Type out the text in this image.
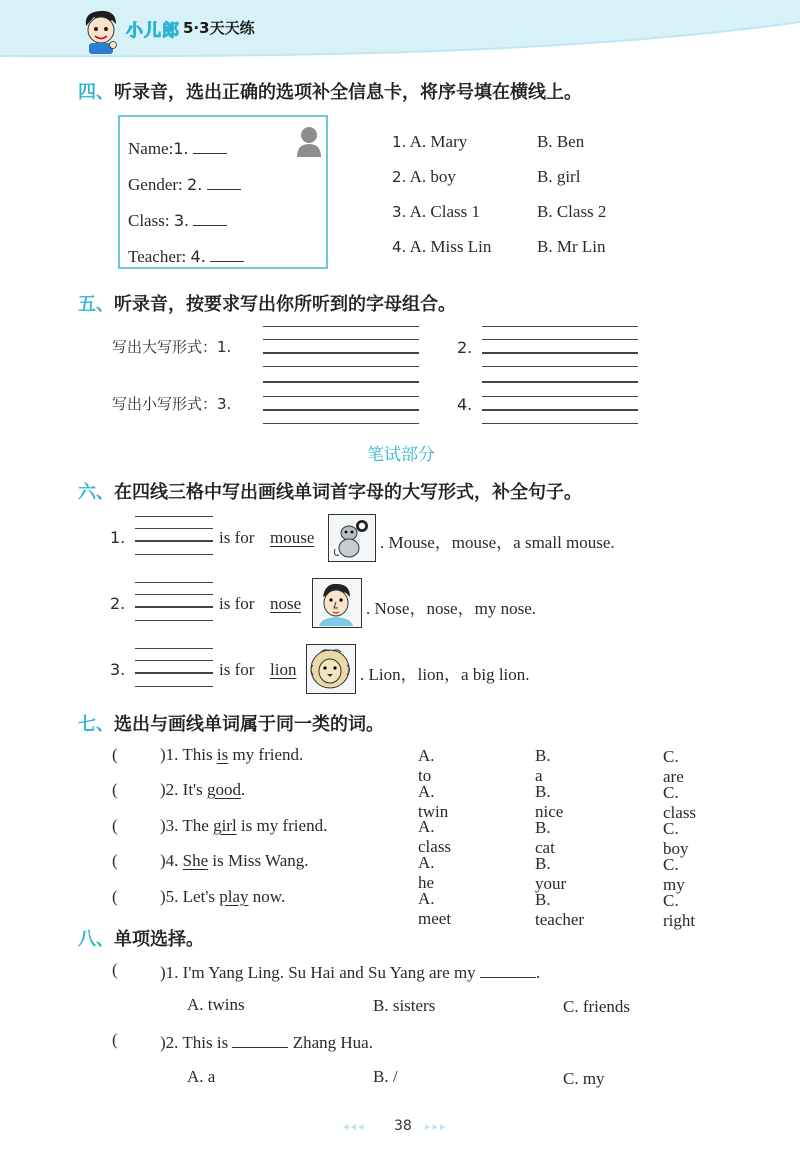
小儿郎 5·3天天练
四、听录音，选出正确的选项补全信息卡，将序号填在横线上。
Name:1.
Gender: 2.
Class: 3.
Teacher: 4.
1. A. Mary	B. Ben
2. A. boy	B. girl
3. A. Class 1	B. Class 2
4. A. Miss Lin	B. Mr Lin
五、听录音，按要求写出你所听到的字母组合。
写出大写形式：1.	2.
写出小写形式：3.	4.
笔试部分
六、在四线三格中写出画线单词首字母的大写形式，补全句子。
1.	is for mouse	. Mouse，mouse，a small mouse.
2.	is for nose	. Nose，nose，my nose.
3.	is for lion	. Lion，lion，a big lion.
七、选出与画线单词属于同一类的词。
( )1. This is my friend.	A. to
B. a
C. are
( )2. It's good.	A. twin
B. nice
C. class
( )3. The girl is my friend.	A. class
B. cat
C. boy
( )4. She is Miss Wang.	A. he
B. your
C. my
( )5. Let's play now.	A. meet
B. teacher
C. right
八、单项选择。
( )1. I'm Yang Ling. Su Hai and Su Yang are my	.
A. twins	B. sisters	C. friends
( )2. This is	Zhang Hua.
A. a	B. /	C. my
◂◂◂ 38 ▸▸▸
